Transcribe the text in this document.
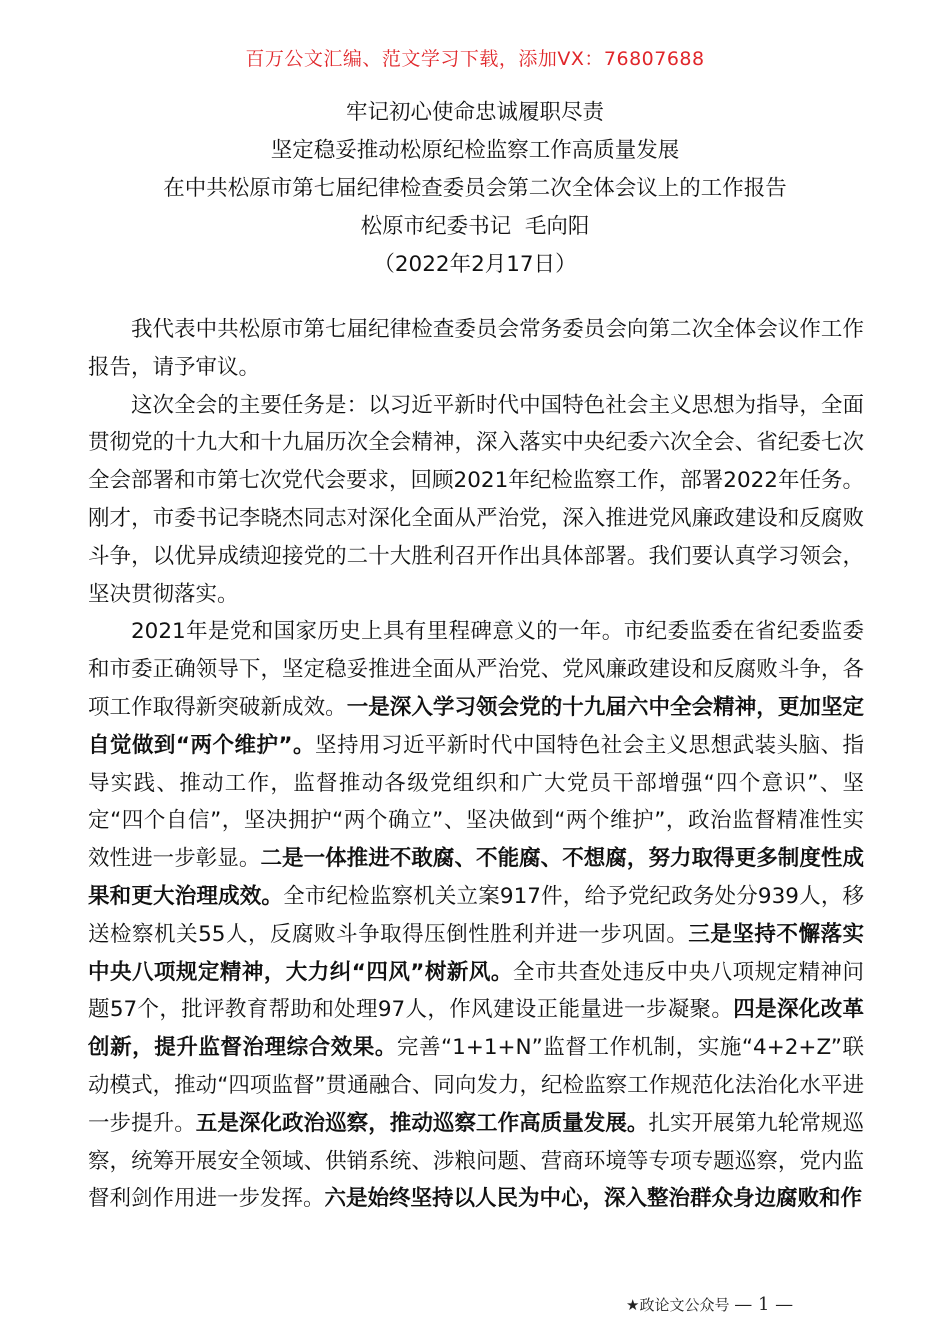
百万公文汇编、范文学习下载，添加VX：76807688
牢记初心使命忠诚履职尽责
坚定稳妥推动松原纪检监察工作高质量发展
在中共松原市第七届纪律检查委员会第二次全体会议上的工作报告
松原市纪委书记  毛向阳
（2022年2月17日）

我代表中共松原市第七届纪律检查委员会常务委员会向第二次全体会议作工作报告，请予审议。

这次全会的主要任务是：以习近平新时代中国特色社会主义思想为指导，全面贯彻党的十九大和十九届历次全会精神，深入落实中央纪委六次全会、省纪委七次全会部署和市第七次党代会要求，回顾2021年纪检监察工作，部署2022年任务。刚才，市委书记李晓杰同志对深化全面从严治党，深入推进党风廉政建设和反腐败斗争，以优异成绩迎接党的二十大胜利召开作出具体部署。我们要认真学习领会，坚决贯彻落实。

2021年是党和国家历史上具有里程碑意义的一年。市纪委监委在省纪委监委和市委正确领导下，坚定稳妥推进全面从严治党、党风廉政建设和反腐败斗争，各项工作取得新突破新成效。一是深入学习领会党的十九届六中全会精神，更加坚定自觉做到“两个维护”。坚持用习近平新时代中国特色社会主义思想武装头脑、指导实践、推动工作，监督推动各级党组织和广大党员干部增强“四个意识”、坚定“四个自信”，坚决拥护“两个确立”、坚决做到“两个维护”，政治监督精准性实效性进一步彰显。二是一体推进不敢腐、不能腐、不想腐，努力取得更多制度性成果和更大治理成效。全市纪检监察机关立案917件，给予党纪政务处分939人，移送检察机关55人，反腐败斗争取得压倒性胜利并进一步巩固。三是坚持不懈落实中央八项规定精神，大力纠“四风”树新风。全市共查处违反中央八项规定精神问题57个，批评教育帮助和处理97人，作风建设正能量进一步凝聚。四是深化改革创新，提升监督治理综合效果。完善“1+1+N”监督工作机制，实施“4+2+Z”联动模式，推动“四项监督”贯通融合、同向发力，纪检监察工作规范化法治化水平进一步提升。五是深化政治巡察，推动巡察工作高质量发展。扎实开展第九轮常规巡察，统筹开展安全领域、供销系统、涉粮问题、营商环境等专项专题巡察，党内监督利剑作用进一步发挥。六是始终坚持以人民为中心，深入整治群众身边腐败和作

★政论文公众号 — 1 —
